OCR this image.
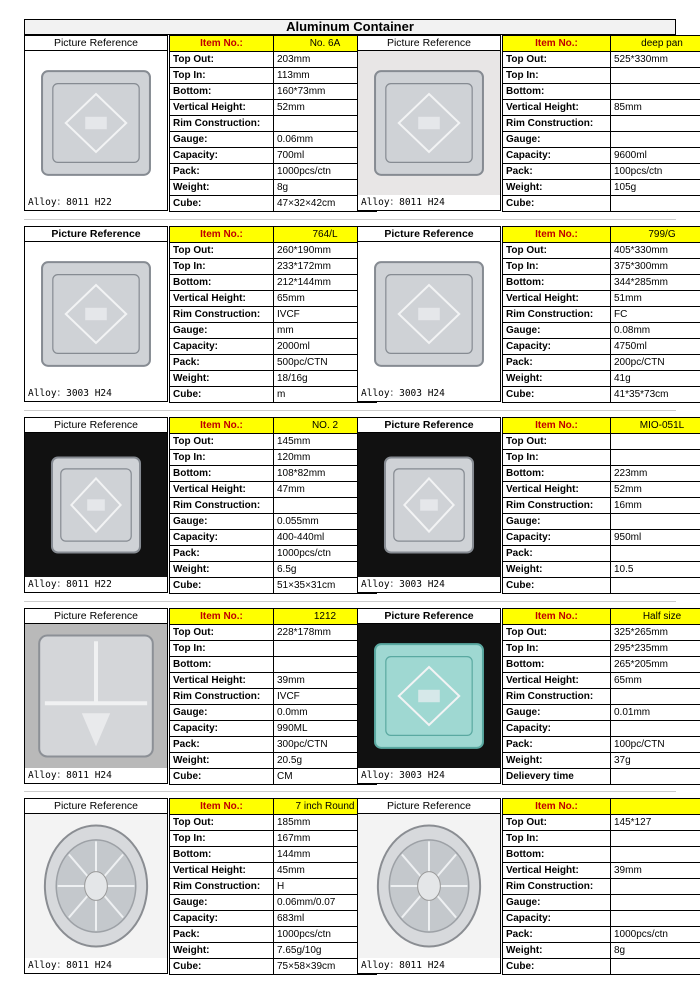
Aluminum Container
Picture Reference
Alloy：8011 H22
Item No.:	No. 6A
Top Out:	203mm
Top In:	113mm
Bottom:	160*73mm
Vertical Height:	52mm
Rim Construction:	
Gauge:	0.06mm
Capacity:	700ml
Pack:	1000pcs/ctn
Weight:	8g
Cube:	47×32×42cm
Picture Reference
Alloy：8011 H24
Item No.:	deep pan
Top Out:	525*330mm
Top In:	
Bottom:	
Vertical Height:	85mm
Rim Construction:	
Gauge:	
Capacity:	9600ml
Pack:	100pcs/ctn
Weight:	105g
Cube:	
Picture Reference
Alloy：3003 H24
Item No.:	764/L
Top Out:	260*190mm
Top In:	233*172mm
Bottom:	212*144mm
Vertical Height:	65mm
Rim Construction:	IVCF
Gauge:	mm
Capacity:	2000ml
Pack:	500pc/CTN
Weight:	18/16g
Cube:	m
Picture Reference
Alloy：3003 H24
Item No.:	799/G
Top Out:	405*330mm
Top In:	375*300mm
Bottom:	344*285mm
Vertical Height:	51mm
Rim Construction:	FC
Gauge:	0.08mm
Capacity:	4750ml
Pack:	200pc/CTN
Weight:	41g
Cube:	41*35*73cm
Picture Reference
Alloy：8011 H22
Item No.:	NO. 2
Top Out:	145mm
Top In:	120mm
Bottom:	108*82mm
Vertical Height:	47mm
Rim Construction:	
Gauge:	0.055mm
Capacity:	400-440ml
Pack:	1000pcs/ctn
Weight:	6.5g
Cube:	51×35×31cm
Picture Reference
Alloy：3003 H24
Item No.:	MIO-051L
Top Out:	
Top In:	
Bottom:	223mm
Vertical Height:	52mm
Rim Construction:	16mm
Gauge:	
Capacity:	950ml
Pack:	
Weight:	10.5
Cube:	
Picture Reference
Alloy：8011 H24
Item No.:	1212
Top Out:	228*178mm
Top In:	
Bottom:	
Vertical Height:	39mm
Rim Construction:	IVCF
Gauge:	0.0mm
Capacity:	990ML
Pack:	300pc/CTN
Weight:	20.5g
Cube:	CM
Picture Reference
Alloy：3003 H24
Item No.:	Half size
Top Out:	325*265mm
Top In:	295*235mm
Bottom:	265*205mm
Vertical Height:	65mm
Rim Construction:	
Gauge:	0.01mm
Capacity:	
Pack:	100pc/CTN
Weight:	37g
Delievery time	
Picture Reference
Alloy：8011 H24
Item No.:	7 inch Round
Top Out:	185mm
Top In:	167mm
Bottom:	144mm
Vertical Height:	45mm
Rim Construction:	H
Gauge:	0.06mm/0.07
Capacity:	683ml
Pack:	1000pcs/ctn
Weight:	7.65g/10g
Cube:	75×58×39cm
Picture Reference
Alloy：8011 H24
Item No.:	
Top Out:	145*127
Top In:	
Bottom:	
Vertical Height:	39mm
Rim Construction:	
Gauge:	
Capacity:	
Pack:	1000pcs/ctn
Weight:	8g
Cube:	
